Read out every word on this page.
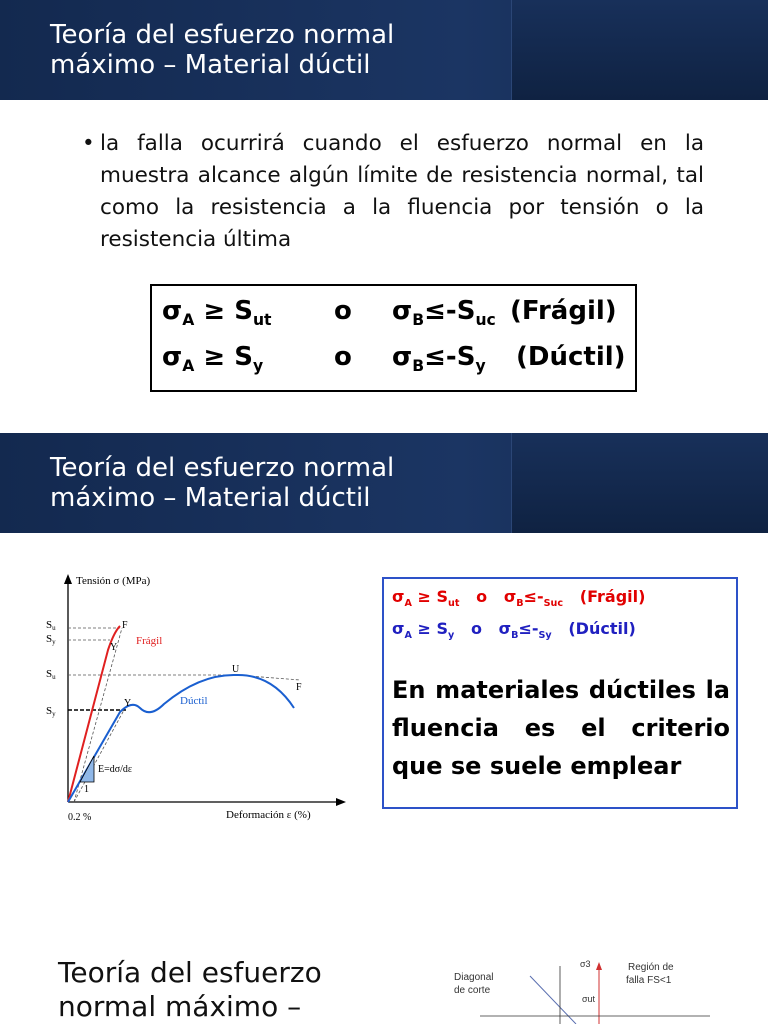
Teoría del esfuerzo normal
máximo – Material dúctil
• la falla ocurrirá cuando el esfuerzo normal en la muestra alcance algún límite de resistencia normal, tal como la resistencia a la fluencia por tensión o la resistencia última
$\sigma_A \ge S_{ut}$ o $\sigma_B\le-S_{uc}$ (Frágil)
$\sigma_A \ge S_y$	o $\sigma_B\le-S_y$ (Dúctil)
Teoría del esfuerzo normal
máximo – Material dúctil
Tensión σ (MPa)
Deformación ε (%)
0.2 %
Su
Sy
Su
Sy
F
Y
Frágil
Y
U
F
Dúctil
E=dσ/dε
1
$\sigma_A \ge S_{ut}$   o   $\sigma_B\le-_{Suc}$   (Frágil)
$\sigma_A \ge S_y$   o   $\sigma_B\le-_{Sy}$   (Dúctil)
En materiales dúctiles la fluencia es el criterio que se suele emplear
Teoría del esfuerzo
normal máximo –
Diagonal
de corte
σ3	Región de
falla FS<1
σut
